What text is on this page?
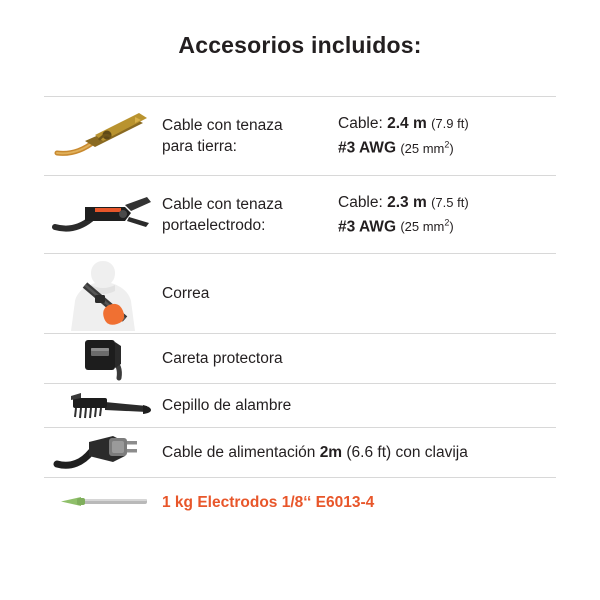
Accesorios incluidos:
Cable con tenaza
para tierra:
Cable: 2.4 m (7.9 ft)
#3 AWG (25 $mm^2$)
Cable con tenaza
portaelectrodo:
Cable: 2.3 m (7.5 ft)
#3 AWG (25 $mm^2$)
Correa
Careta protectora
Cepillo de alambre
Cable de alimentación 2m (6.6 ft) con clavija
1 kg Electrodos 1/8‘‘ E6013-4
